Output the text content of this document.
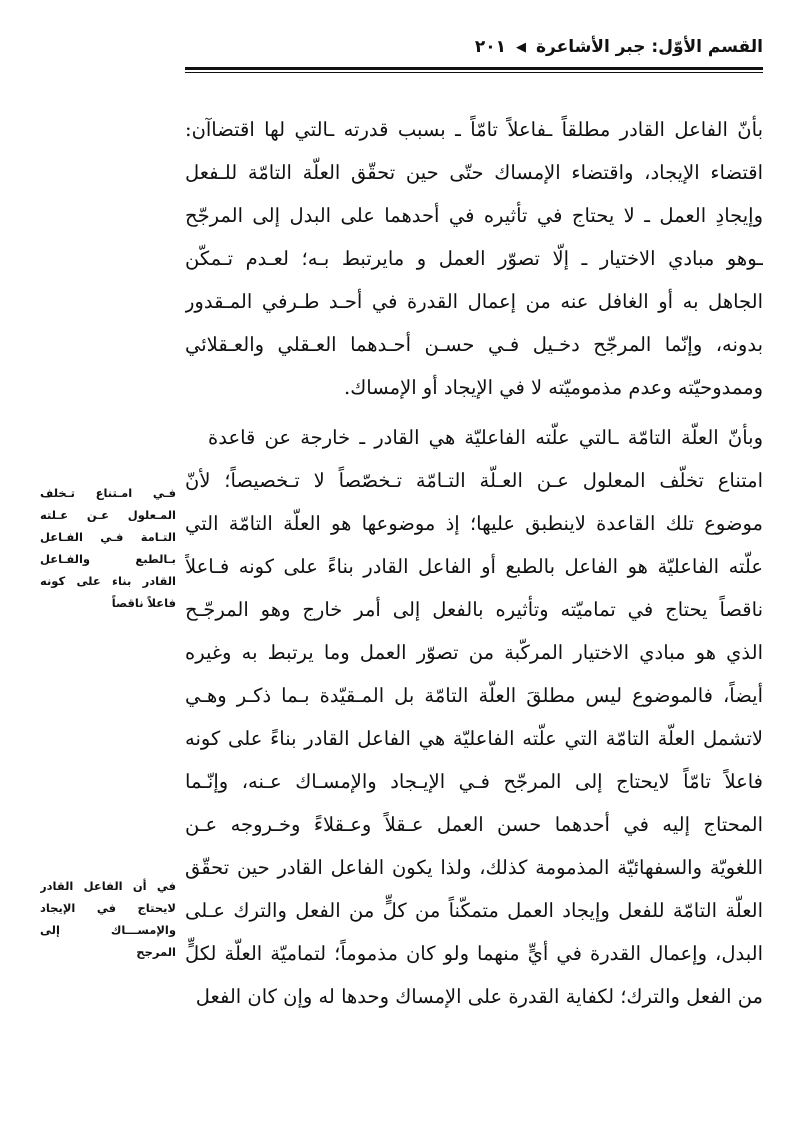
القسم الأوّل: جبر الأشاعرة
◀
٢٠١
بأنّ الفاعل القادر مطلقاً ـفاعلاً تامّاً ـ بسبب قدرته ـالتي لها اقتضاآن:
اقتضاء الإيجاد، واقتضاء الإمساك حتّى حين تحقّق العلّة التامّة للـفعل
وإيجادِ العمل ـ لا يحتاج في تأثيره في أحدهما على البدل إلى المرجّح
ـوهو مبادي الاختيار ـ إلّا تصوّر العمل و مايرتبط بـه؛ لعـدم تـمكّن
الجاهل به أو الغافل عنه من إعمال القدرة في أحـد طـرفي المـقدور
بدونه، وإنّما المرجّح دخـيل فـي حسـن أحـدهما العـقلي والعـقلائي
وممدوحيّته وعدم مذموميّته لا في الإيجاد أو الإمساك.
وبأنّ العلّة التامّة ـالتي علّته الفاعليّة هي القادر ـ خارجة عن قاعدة
امتناع تخلّف المعلول عـن العـلّة التـامّة تـخصّصاً لا تـخصيصاً؛ لأنّ
موضوع تلك القاعدة لاينطبق عليها؛ إذ موضوعها هو العلّة التامّة التي
علّته الفاعليّة هو الفاعل بالطبع أو الفاعل القادر بناءً على كونه فـاعلاً
ناقصاً يحتاج في تماميّته وتأثيره بالفعل إلى أمر خارج وهو المرجّـح
الذي هو مبادي الاختيار المركّبة من تصوّر العمل وما يرتبط به وغيره
أيضاً، فالموضوع ليس مطلقَ العلّة التامّة بل المـقيّدة بـما ذكـر وهـي
لاتشمل العلّة التامّة التي علّته الفاعليّة هي الفاعل القادر بناءً على كونه
فاعلاً تامّاً لايحتاج إلى المرجّح فـي الإيـجاد والإمسـاك عـنه، وإنّـما
المحتاج إليه في أحدهما حسن العمل عـقلاً وعـقلاءً وخـروجه عـن
اللغويّة والسفهائيّة المذمومة كذلك، ولذا يكون الفاعل القادر حين تحقّق
العلّة التامّة للفعل وإيجاد العمل متمكّناً من كلٍّ من الفعل والترك عـلى
البدل، وإعمال القدرة في أيٍّ منهما ولو كان مذموماً؛ لتماميّة العلّة لكلٍّ
من الفعل والترك؛ لكفاية القدرة على الإمساك وحدها له وإن كان الفعل
فـي امـتناع تـخلف
المـعلول عـن عـلته
التـامة فـي الفـاعل
بـالطبع والفـاعل
القادر بناء على كونه
فاعلاً ناقصاً
في أن الفاعل القادر
لايحتاج في الإيجاد
والإمســـاك إلى
المرجح
